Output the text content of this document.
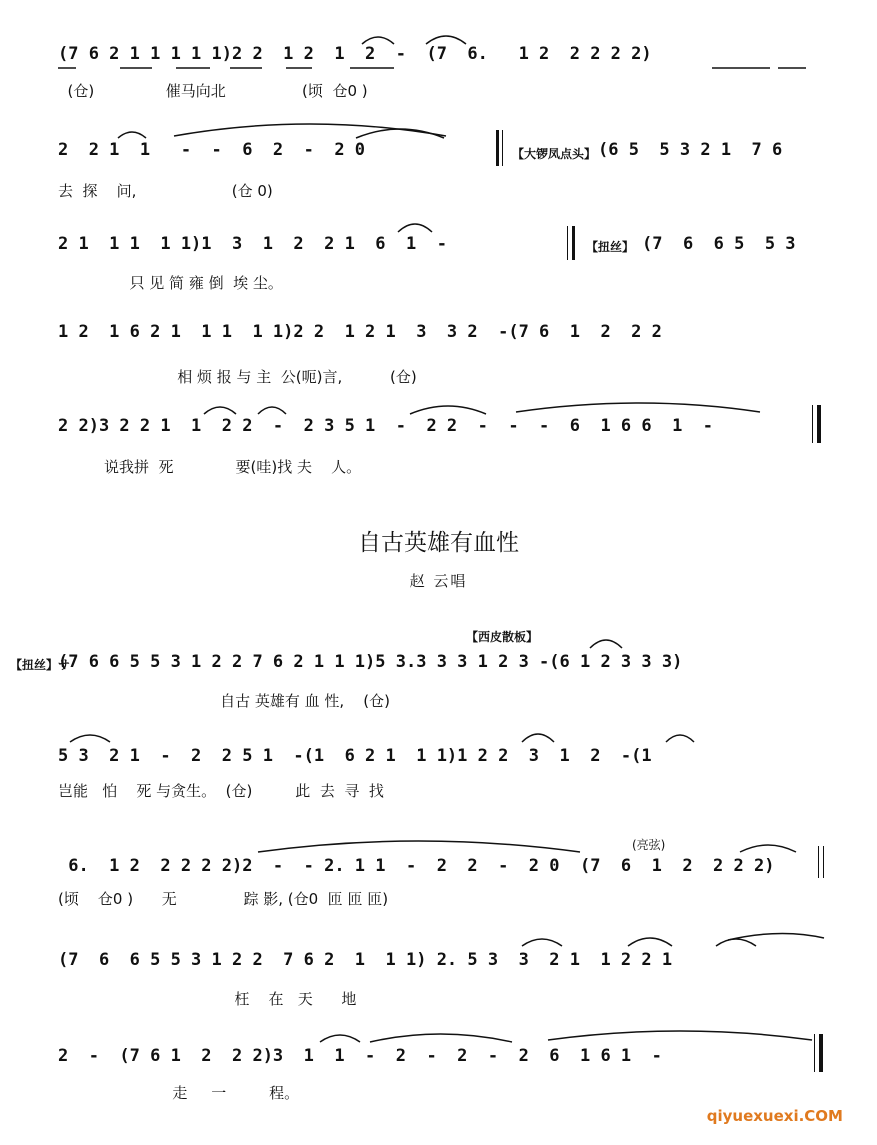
(7 6 2 1 1 1 1 1)2 2  1 2  1  2  -  (7  6.   1 2  2 2 2 2)
(仓)               催马向北                (顷  仓0 )
2  2 1  1   -  -  6  2  -  2 0	【大锣凤点头】 (6 5  5 3 2 1  7 6
去  探    问,                    (仓 0)
2 1  1 1  1 1)1  3  1  2  2 1  6  1  -	【扭丝】 (7  6  6 5  5 3
只 见 简 雍 倒  埃 尘。
1 2  1 6 2 1  1 1  1 1)2 2  1 2 1  3  3 2  -(7 6  1  2  2 2
相 烦 报 与 主  公(呃)言,          (仓)
2 2)3 2 2 1  1  2 2  -  2 3 5 1  -  2 2  -  -  -  6  1 6 6  1  -
说我拼  死             要(哇)找 夫    人。
自古英雄有血性
赵 云唱
【西皮散板】
(7 6 6 5 5 3 1 2 2 7 6 2 1 1 1)5 3.3 3 3 1 2 3 -(6 1 2 3 3 3)
【扭丝】サ
自古 英雄有 血 性,    (仓)
5 3  2 1  -  2  2 5 1  -(1  6 2 1  1 1)1 2 2  3  1  2  -(1
岂能   怕    死 与贪生。  (仓)         此  去  寻  找
(亮弦)
6.  1 2  2 2 2 2)2  -  - 2. 1 1  -  2  2  -  2 0  (7  6  1  2  2 2 2)
(顷    仓0 )      无              踪 影, (仓0  匝 匝 匝)
(7  6  6 5 5 3 1 2 2  7 6 2  1  1 1) 2. 5 3  3  2 1  1 2 2 1
枉    在   天      地
2  -  (7 6 1  2  2 2)3  1  1  -  2  -  2  -  2  6  1 6 1  -
走     一         程。
qiyuexuexi.COM
